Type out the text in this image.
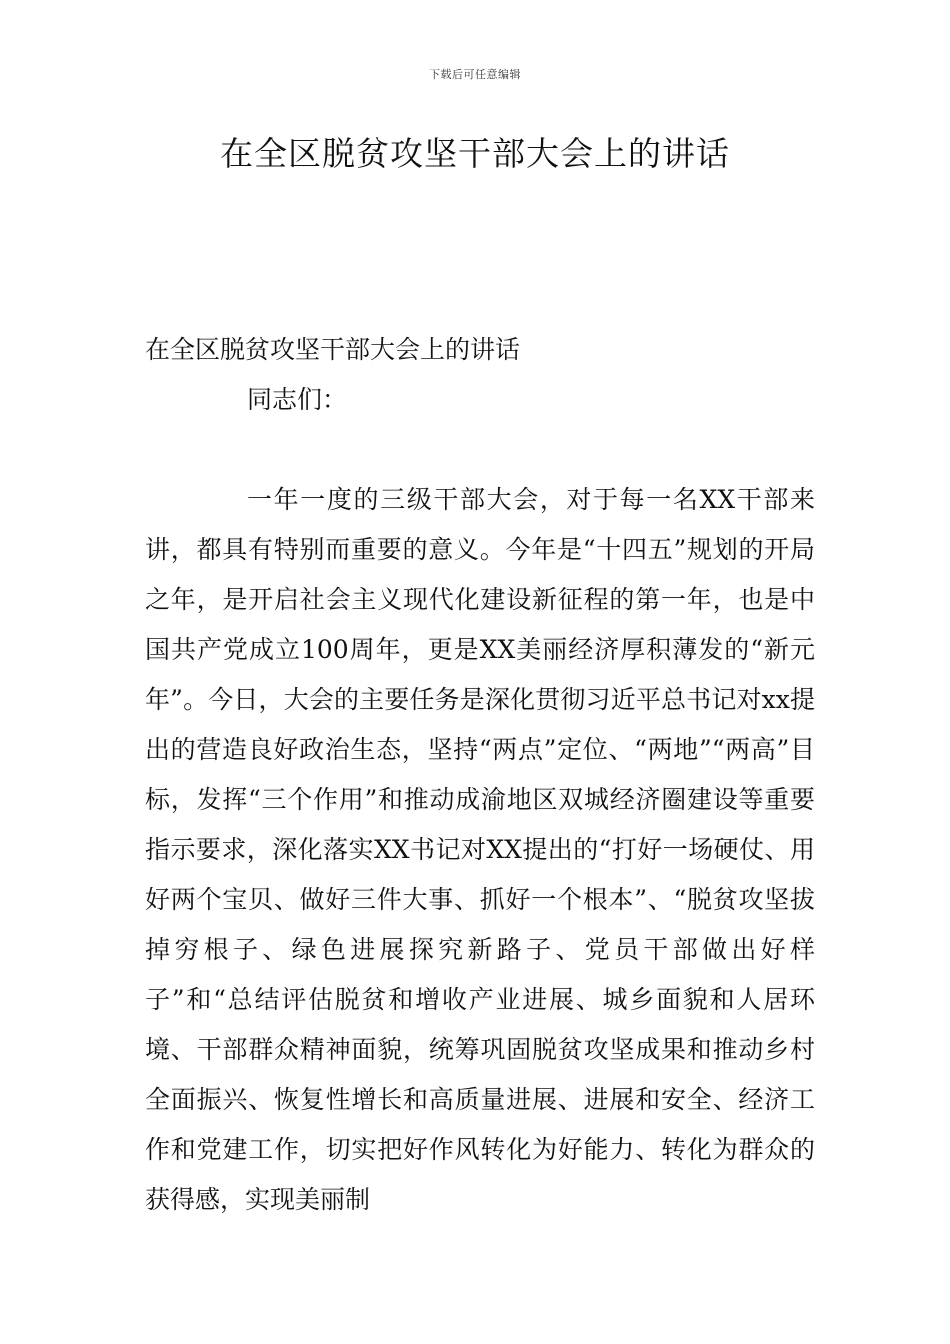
下载后可任意编辑
在全区脱贫攻坚干部大会上的讲话

在全区脱贫攻坚干部大会上的讲话

同志们：

一年一度的三级干部大会，对于每一名XX干部来讲，都具有特别而重要的意义。今年是“十四五”规划的开局之年，是开启社会主义现代化建设新征程的第一年，也是中国共产党成立100周年，更是XX美丽经济厚积薄发的“新元年”。今日，大会的主要任务是深化贯彻习近平总书记对xx提出的营造良好政治生态，坚持“两点”定位、“两地”“两高”目标，发挥“三个作用”和推动成渝地区双城经济圈建设等重要指示要求，深化落实XX书记对XX提出的“打好一场硬仗、用好两个宝贝、做好三件大事、抓好一个根本”、“脱贫攻坚拔掉穷根子、绿色进展探究新路子、党员干部做出好样子”和“总结评估脱贫和增收产业进展、城乡面貌和人居环境、干部群众精神面貌，统筹巩固脱贫攻坚成果和推动乡村全面振兴、恢复性增长和高质量进展、进展和安全、经济工作和党建工作，切实把好作风转化为好能力、转化为群众的获得感，实现美丽制
